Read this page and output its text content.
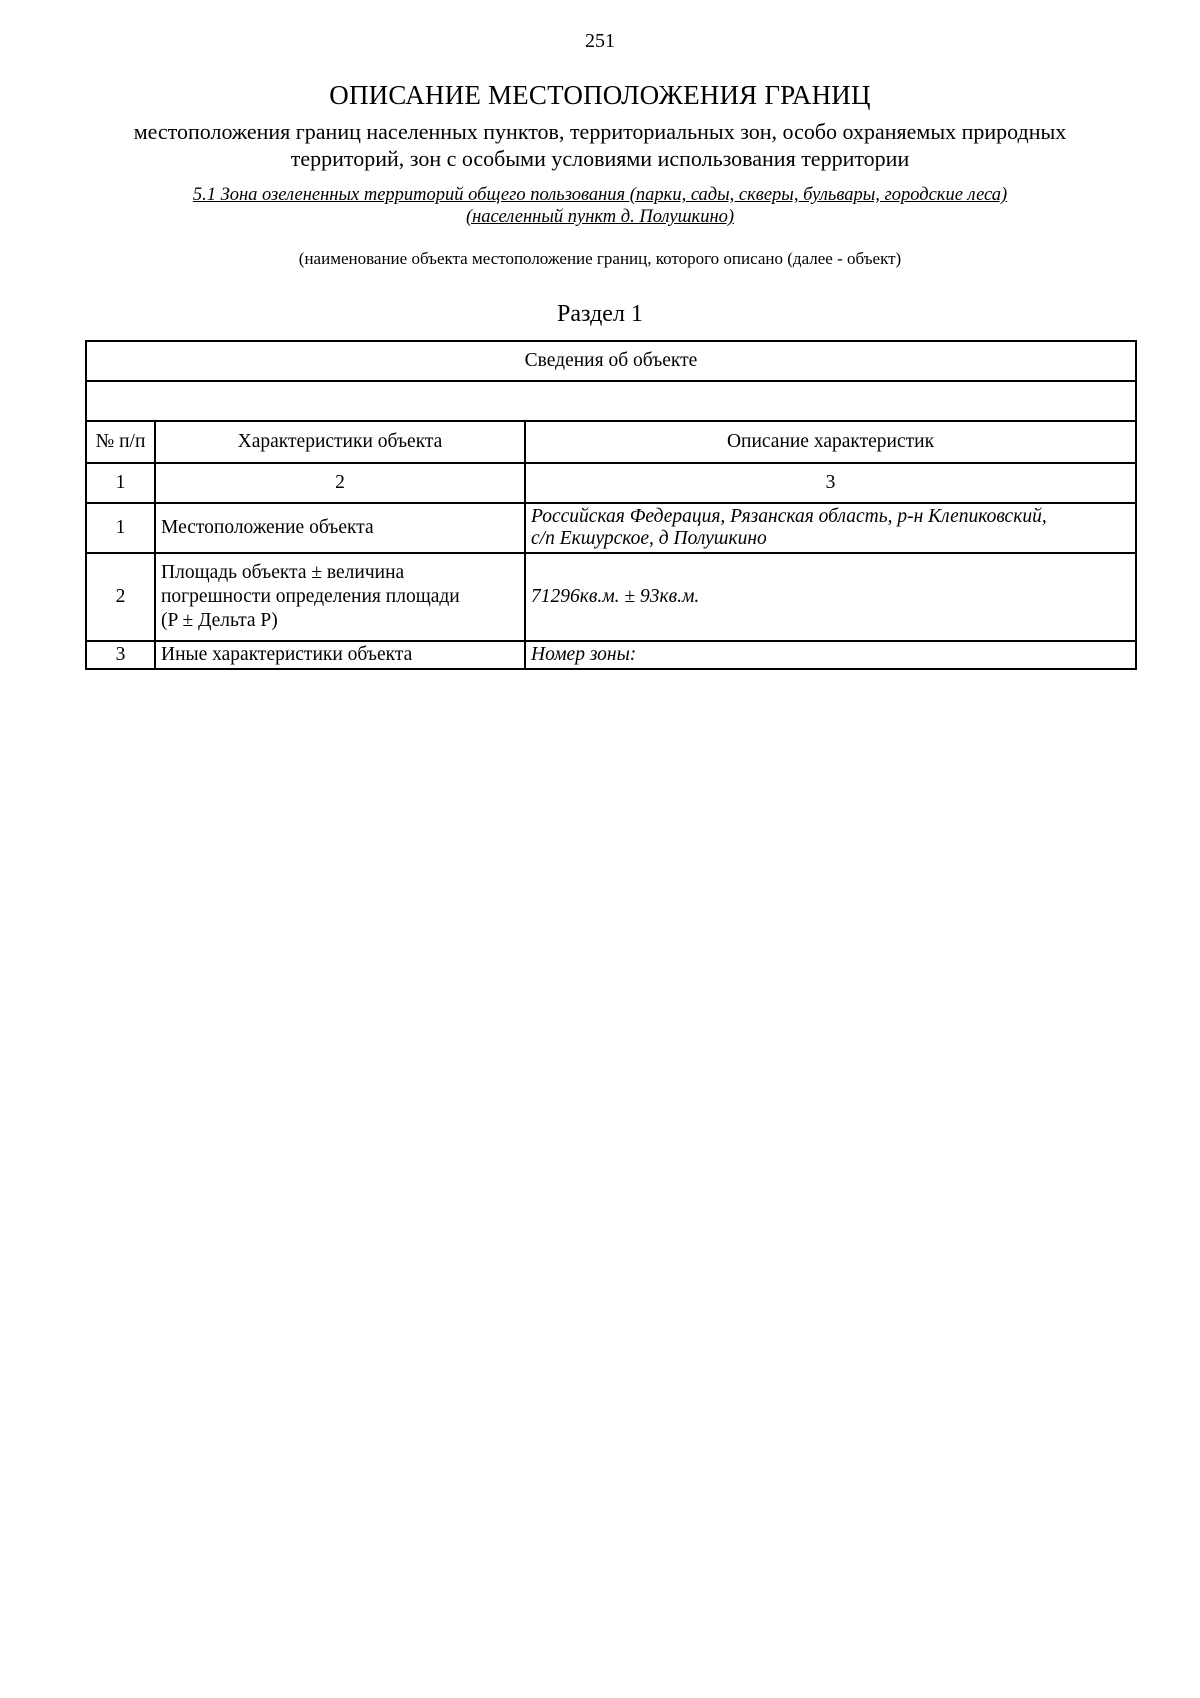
251
ОПИСАНИЕ МЕСТОПОЛОЖЕНИЯ ГРАНИЦ
местоположения границ населенных пунктов, территориальных зон, особо охраняемых природных территорий, зон с особыми условиями использования территории
5.1 Зона озелененных территорий общего пользования (парки, сады, скверы, бульвары, городские леса)
(населенный пункт д. Полушкино)
(наименование объекта местоположение границ, которого описано (далее - объект)
Раздел 1
Сведения об объекте		

№ п/п	Характеристики объекта	Описание характеристик
1	2	3
1	Местоположение объекта	Российская Федерация, Рязанская область, р-н Клепиковский,
с/п Екшурское, д Полушкино
2	Площадь объекта ± величина
погрешности определения площади
(P ± Дельта P)	71296кв.м. ± 93кв.м.
3	Иные характеристики объекта	Номер зоны:
